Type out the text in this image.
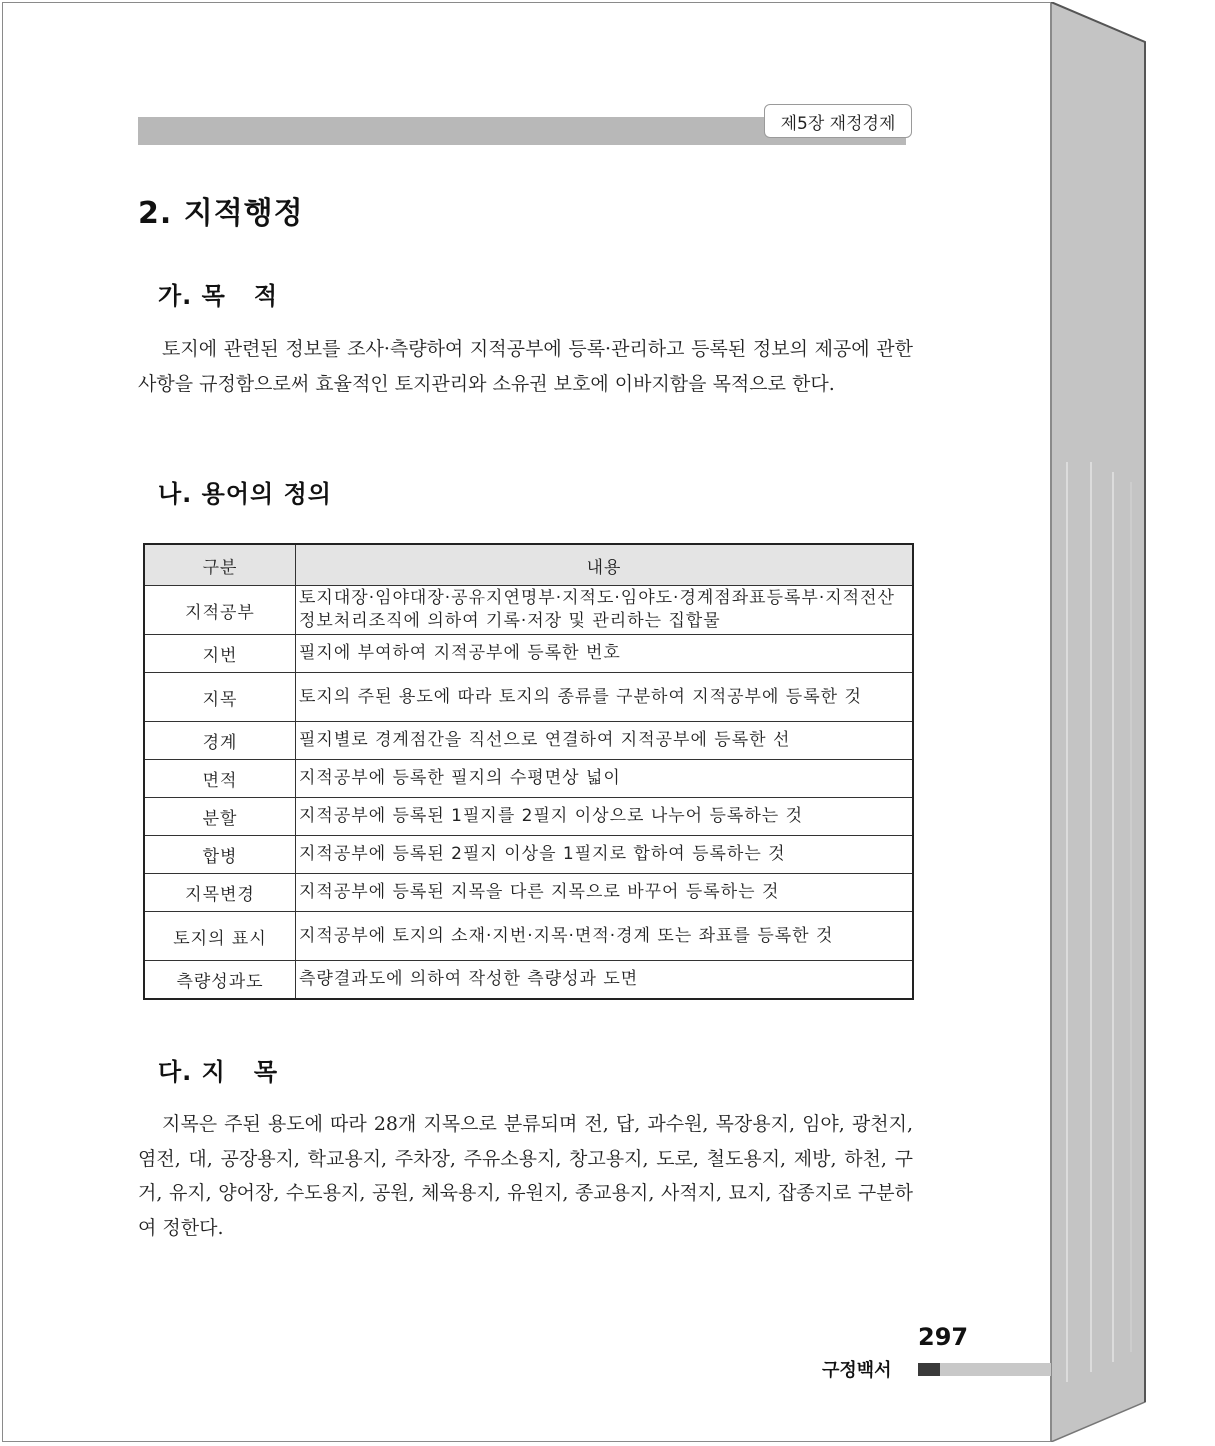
제5장 재정경제
2. 지적행정
가. 목   적

토지에 관련된 정보를 조사·측량하여 지적공부에 등록·관리하고 등록된 정보의 제공에 관한 사항을 규정함으로써 효율적인 토지관리와 소유권 보호에 이바지함을 목적으로 한다.

나. 용어의 정의
구분	내용
지적공부	토지대장·임야대장·공유지연명부·지적도·임야도·경계점좌표등록부·지적전산정보처리조직에 의하여 기록·저장 및 관리하는 집합물
지번	필지에 부여하여 지적공부에 등록한 번호
지목	토지의 주된 용도에 따라 토지의 종류를 구분하여 지적공부에 등록한 것
경계	필지별로 경계점간을 직선으로 연결하여 지적공부에 등록한 선
면적	지적공부에 등록한 필지의 수평면상 넓이
분할	지적공부에 등록된 1필지를 2필지 이상으로 나누어 등록하는 것
합병	지적공부에 등록된 2필지 이상을 1필지로 합하여 등록하는 것
지목변경	지적공부에 등록된 지목을 다른 지목으로 바꾸어 등록하는 것
토지의 표시	지적공부에 토지의 소재·지번·지목·면적·경계 또는 좌표를 등록한 것
측량성과도	측량결과도에 의하여 작성한 측량성과 도면
다. 지   목

지목은 주된 용도에 따라 28개 지목으로 분류되며 전, 답, 과수원, 목장용지, 임야, 광천지, 염전, 대, 공장용지, 학교용지, 주차장, 주유소용지, 창고용지, 도로, 철도용지, 제방, 하천, 구거, 유지, 양어장, 수도용지, 공원, 체육용지, 유원지, 종교용지, 사적지, 묘지, 잡종지로 구분하여 정한다.

297
구정백서
